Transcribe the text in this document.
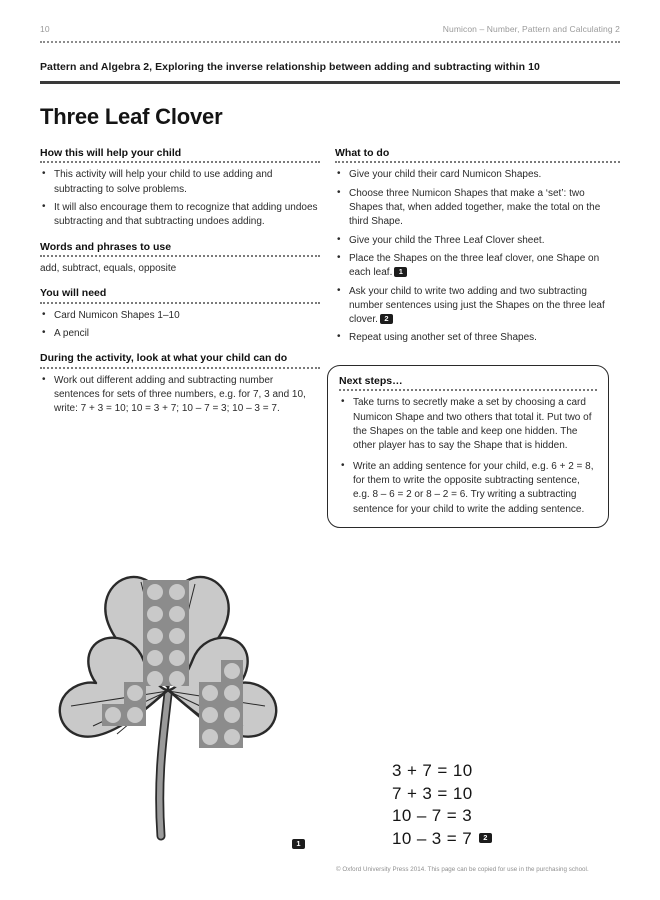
10	Numicon – Number, Pattern and Calculating 2
Pattern and Algebra 2, Exploring the inverse relationship between adding and subtracting within 10
Three Leaf Clover
How this will help your child
• This activity will help your child to use adding and subtracting to solve problems.
• It will also encourage them to recognize that adding undoes subtracting and that subtracting undoes adding.
Words and phrases to use

add, subtract, equals, opposite

You will need
• Card Numicon Shapes 1–10
• A pencil
During the activity, look at what your child can do
• Work out different adding and subtracting number sentences for sets of three numbers, e.g. for 7, 3 and 10, write: 7 + 3 = 10; 10 = 3 + 7; 10 – 7 = 3; 10 – 3 = 7.
What to do
• Give your child their card Numicon Shapes.
• Choose three Numicon Shapes that make a ‘set’: two Shapes that, when added together, make the total on the third Shape.
• Give your child the Three Leaf Clover sheet.
• Place the Shapes on the three leaf clover, one Shape on each leaf. 1
• Ask your child to write two adding and two subtracting number sentences using just the Shapes on the three leaf clover. 2
• Repeat using another set of three Shapes.
Next steps…
• Take turns to secretly make a set by choosing a card Numicon Shape and two others that total it. Put two of the Shapes on the table and keep one hidden. The other player has to say the Shape that is hidden.
• Write an adding sentence for your child, e.g. 6 + 2 = 8, for them to write the opposite subtracting sentence, e.g. 8 – 6 = 2 or 8 – 2 = 6. Try writing a subtracting sentence for your child to write the adding sentence.
1
3 + 7 = 10
7 + 3 = 10
10 – 7 = 3
10 – 3 = 7 2
© Oxford University Press 2014. This page can be copied for use in the purchasing school.
